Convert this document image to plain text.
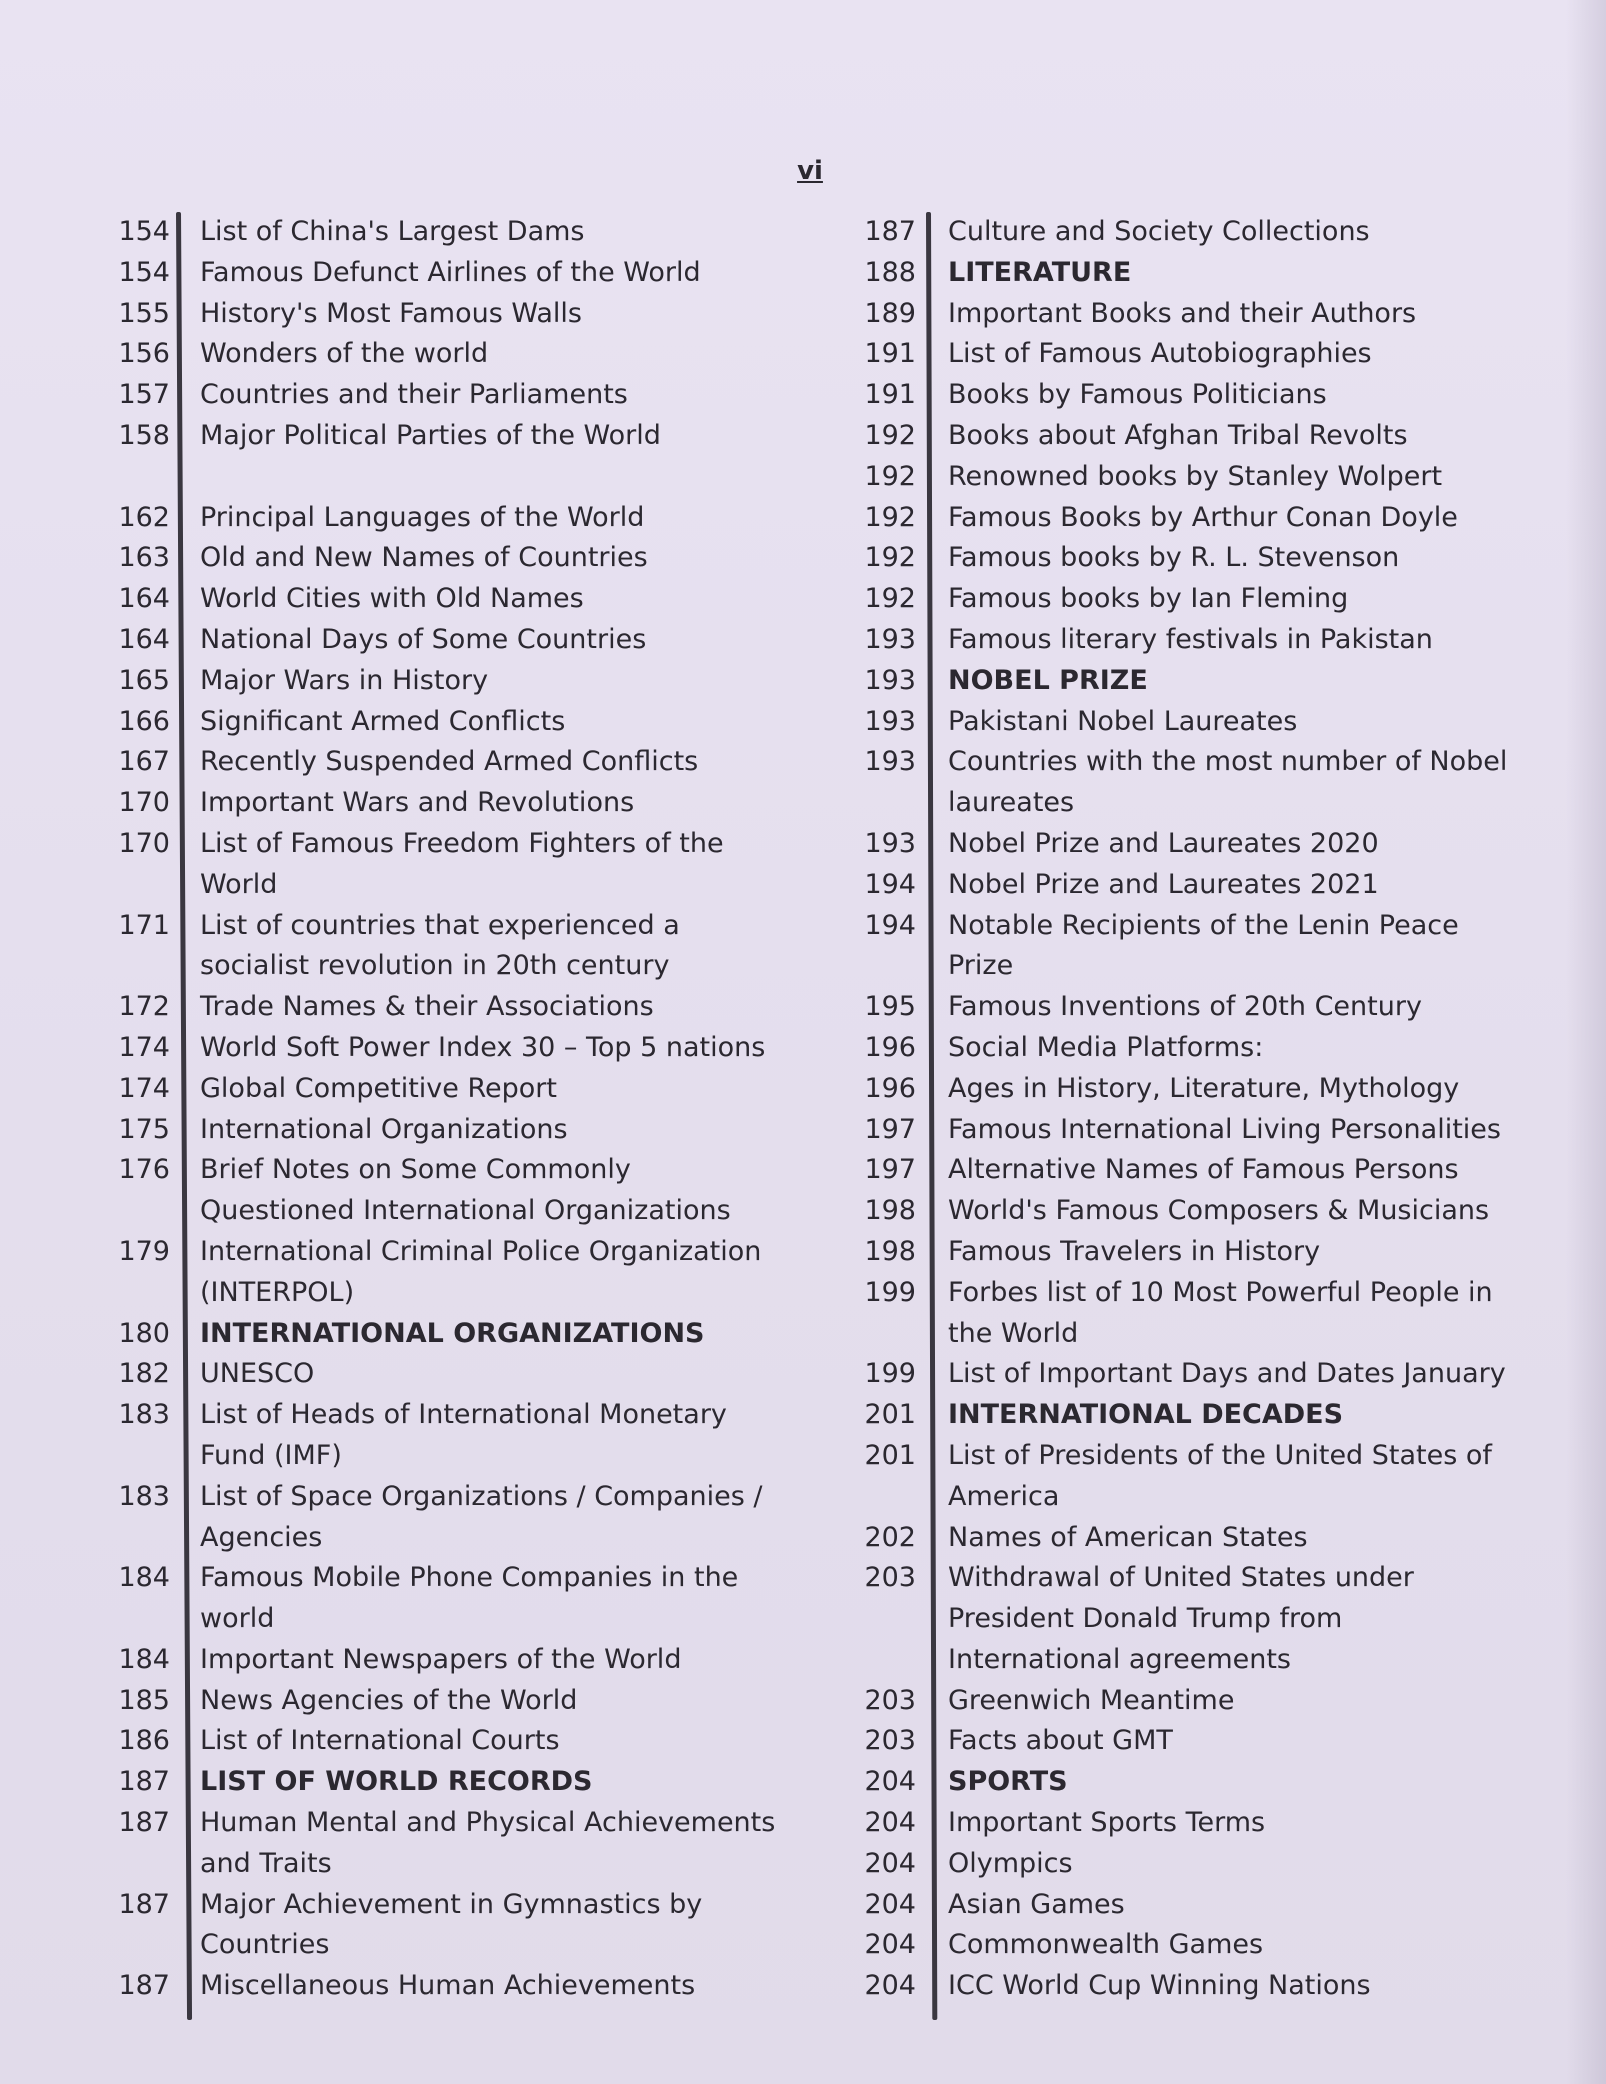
vi
154 List of China's Largest Dams
154 Famous Defunct Airlines of the World
155 History's Most Famous Walls
156 Wonders of the world
157 Countries and their Parliaments
158 Major Political Parties of the World
162 Principal Languages of the World
163 Old and New Names of Countries
164 World Cities with Old Names
164 National Days of Some Countries
165 Major Wars in History
166 Significant Armed Conflicts
167 Recently Suspended Armed Conflicts
170 Important Wars and Revolutions
170 List of Famous Freedom Fighters of the World
171 List of countries that experienced a socialist revolution in 20th century
172 Trade Names & their Associations
174 World Soft Power Index 30 – Top 5 nations
174 Global Competitive Report
175 International Organizations
176 Brief Notes on Some Commonly Questioned International Organizations
179 International Criminal Police Organization (INTERPOL)
180 INTERNATIONAL ORGANIZATIONS
182 UNESCO
183 List of Heads of International Monetary Fund (IMF)
183 List of Space Organizations / Companies / Agencies
184 Famous Mobile Phone Companies in the world
184 Important Newspapers of the World
185 News Agencies of the World
186 List of International Courts
187 LIST OF WORLD RECORDS
187 Human Mental and Physical Achievements and Traits
187 Major Achievement in Gymnastics by Countries
187 Miscellaneous Human Achievements
187 Culture and Society Collections
188 LITERATURE
189 Important Books and their Authors
191 List of Famous Autobiographies
191 Books by Famous Politicians
192 Books about Afghan Tribal Revolts
192 Renowned books by Stanley Wolpert
192 Famous Books by Arthur Conan Doyle
192 Famous books by R. L. Stevenson
192 Famous books by Ian Fleming
193 Famous literary festivals in Pakistan
193 NOBEL PRIZE
193 Pakistani Nobel Laureates
193 Countries with the most number of Nobel laureates
193 Nobel Prize and Laureates 2020
194 Nobel Prize and Laureates 2021
194 Notable Recipients of the Lenin Peace Prize
195 Famous Inventions of 20th Century
196 Social Media Platforms:
196 Ages in History, Literature, Mythology
197 Famous International Living Personalities
197 Alternative Names of Famous Persons
198 World's Famous Composers & Musicians
198 Famous Travelers in History
199 Forbes list of 10 Most Powerful People in the World
199 List of Important Days and Dates January
201 INTERNATIONAL DECADES
201 List of Presidents of the United States of America
202 Names of American States
203 Withdrawal of United States under President Donald Trump from International agreements
203 Greenwich Meantime
203 Facts about GMT
204 SPORTS
204 Important Sports Terms
204 Olympics
204 Asian Games
204 Commonwealth Games
204 ICC World Cup Winning Nations
